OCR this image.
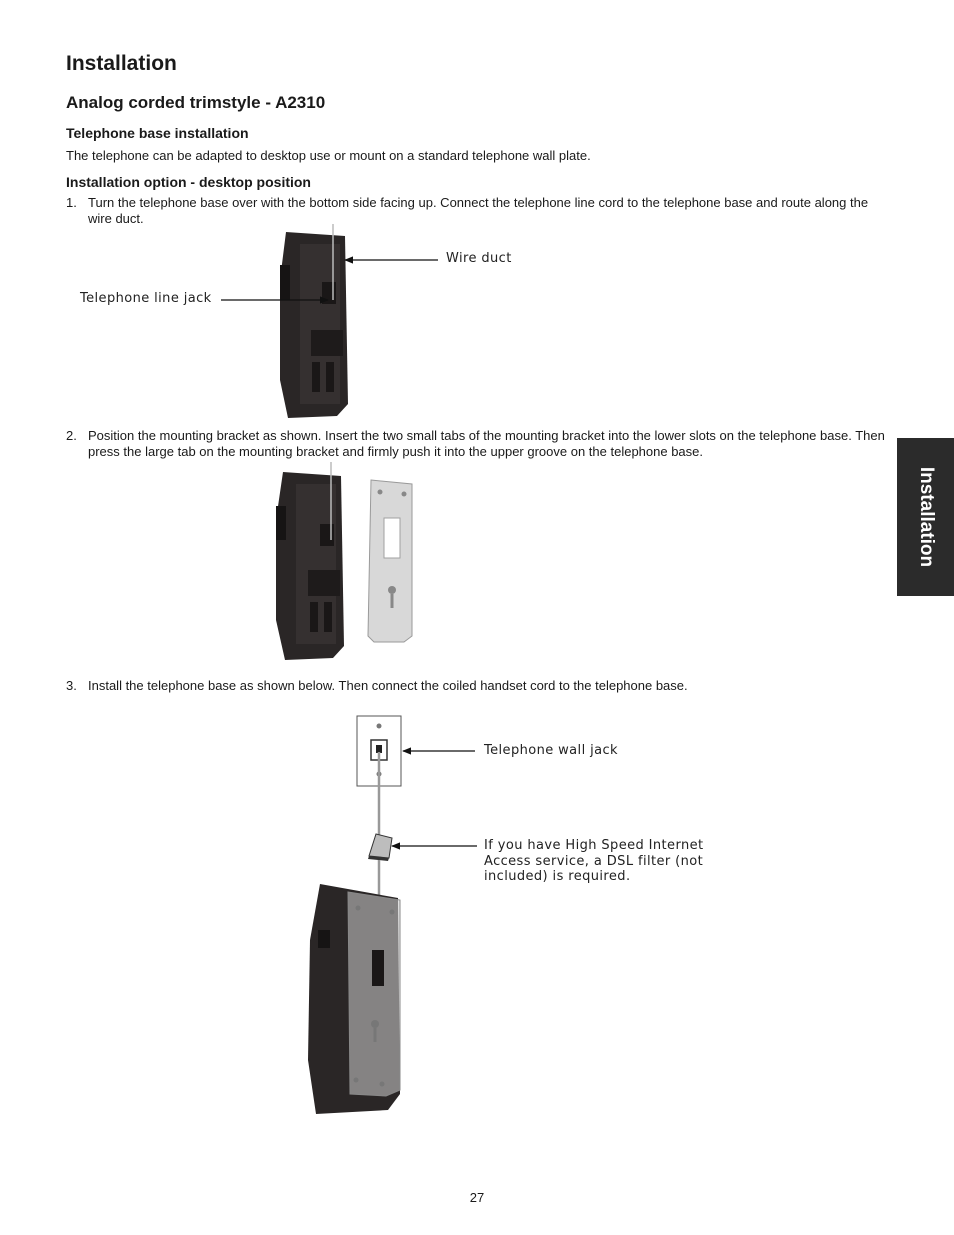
Installation
Analog corded trimstyle - A2310
Telephone base installation
The telephone can be adapted to desktop use or mount on a standard telephone wall plate.
Installation option - desktop position
1. Turn the telephone base over with the bottom side facing up. Connect the telephone line cord to the telephone base and route along the wire duct.
2. Position the mounting bracket as shown. Insert the two small tabs of the mounting bracket into the lower slots on the telephone base. Then press the large tab on the mounting bracket and firmly push it into the upper groove on the telephone base.
3. Install the telephone base as shown below. Then connect the coiled handset cord to the telephone base.
Wire duct
Telephone line jack
Telephone wall jack
If you have High Speed Internet Access service, a DSL filter (not included) is required.
Installation
27
